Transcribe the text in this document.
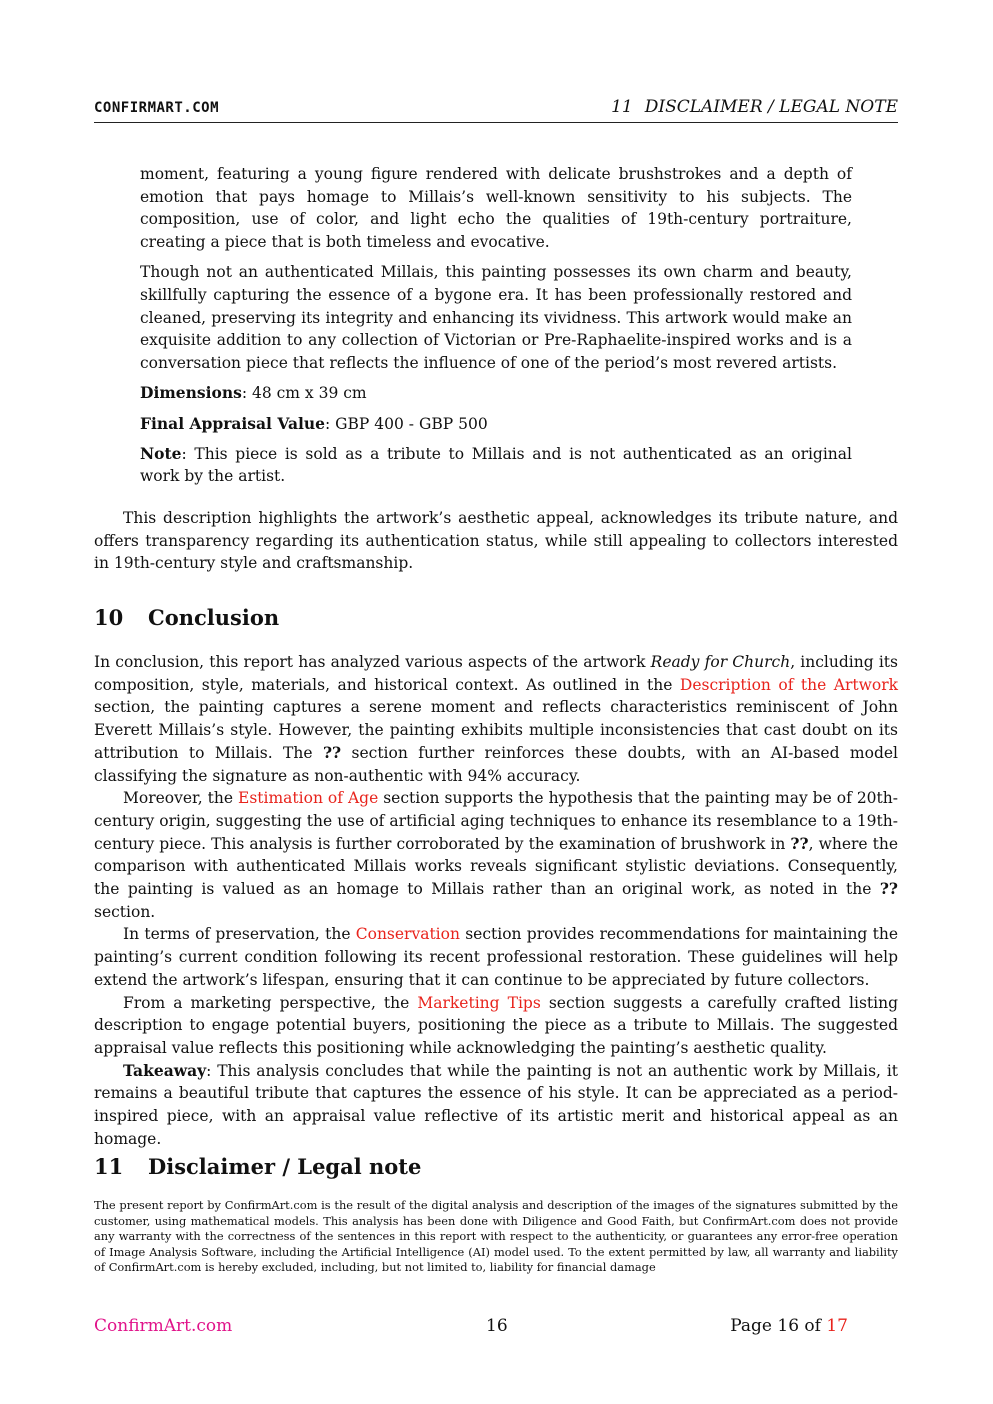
CONFIRMART.COM	11 DISCLAIMER / LEGAL NOTE

moment, featuring a young figure rendered with delicate brushstrokes and a depth of emotion that pays homage to Millais’s well-known sensitivity to his subjects. The composition, use of color, and light echo the qualities of 19th-century portraiture, creating a piece that is both timeless and evocative.

Though not an authenticated Millais, this painting possesses its own charm and beauty, skillfully capturing the essence of a bygone era. It has been professionally restored and cleaned, preserving its integrity and enhancing its vividness. This artwork would make an exquisite addition to any collection of Victorian or Pre-Raphaelite-inspired works and is a conversation piece that reflects the influence of one of the period’s most revered artists.

Dimensions: 48 cm x 39 cm

Final Appraisal Value: GBP 400 - GBP 500

Note: This piece is sold as a tribute to Millais and is not authenticated as an original work by the artist.

This description highlights the artwork’s aesthetic appeal, acknowledges its tribute nature, and offers transparency regarding its authentication status, while still appealing to collectors interested in 19th-century style and craftsmanship.

10 Conclusion

In conclusion, this report has analyzed various aspects of the artwork Ready for Church, including its composition, style, materials, and historical context. As outlined in the Description of the Artwork section, the painting captures a serene moment and reflects characteristics reminiscent of John Everett Millais’s style. However, the painting exhibits multiple inconsistencies that cast doubt on its attribution to Millais. The ?? section further reinforces these doubts, with an AI-based model classifying the signature as non-authentic with 94% accuracy.

Moreover, the Estimation of Age section supports the hypothesis that the painting may be of 20th-century origin, suggesting the use of artificial aging techniques to enhance its resemblance to a 19th-century piece. This analysis is further corroborated by the examination of brushwork in ??, where the comparison with authenticated Millais works reveals significant stylistic deviations. Consequently, the painting is valued as an homage to Millais rather than an original work, as noted in the ?? section.

In terms of preservation, the Conservation section provides recommendations for maintaining the painting’s current condition following its recent professional restoration. These guidelines will help extend the artwork’s lifespan, ensuring that it can continue to be appreciated by future collectors.

From a marketing perspective, the Marketing Tips section suggests a carefully crafted listing description to engage potential buyers, positioning the piece as a tribute to Millais. The suggested appraisal value reflects this positioning while acknowledging the painting’s aesthetic quality.

Takeaway: This analysis concludes that while the painting is not an authentic work by Millais, it remains a beautiful tribute that captures the essence of his style. It can be appreciated as a period-inspired piece, with an appraisal value reflective of its artistic merit and historical appeal as an homage.

11 Disclaimer / Legal note

The present report by ConfirmArt.com is the result of the digital analysis and description of the images of the signatures submitted by the customer, using mathematical models. This analysis has been done with Diligence and Good Faith, but ConfirmArt.com does not provide any warranty with the correctness of the sentences in this report with respect to the authenticity, or guarantees any error-free operation of Image Analysis Software, including the Artificial Intelligence (AI) model used. To the extent permitted by law, all warranty and liability of ConfirmArt.com is hereby excluded, including, but not limited to, liability for financial damage

ConfirmArt.com	16	Page 16 of 17
